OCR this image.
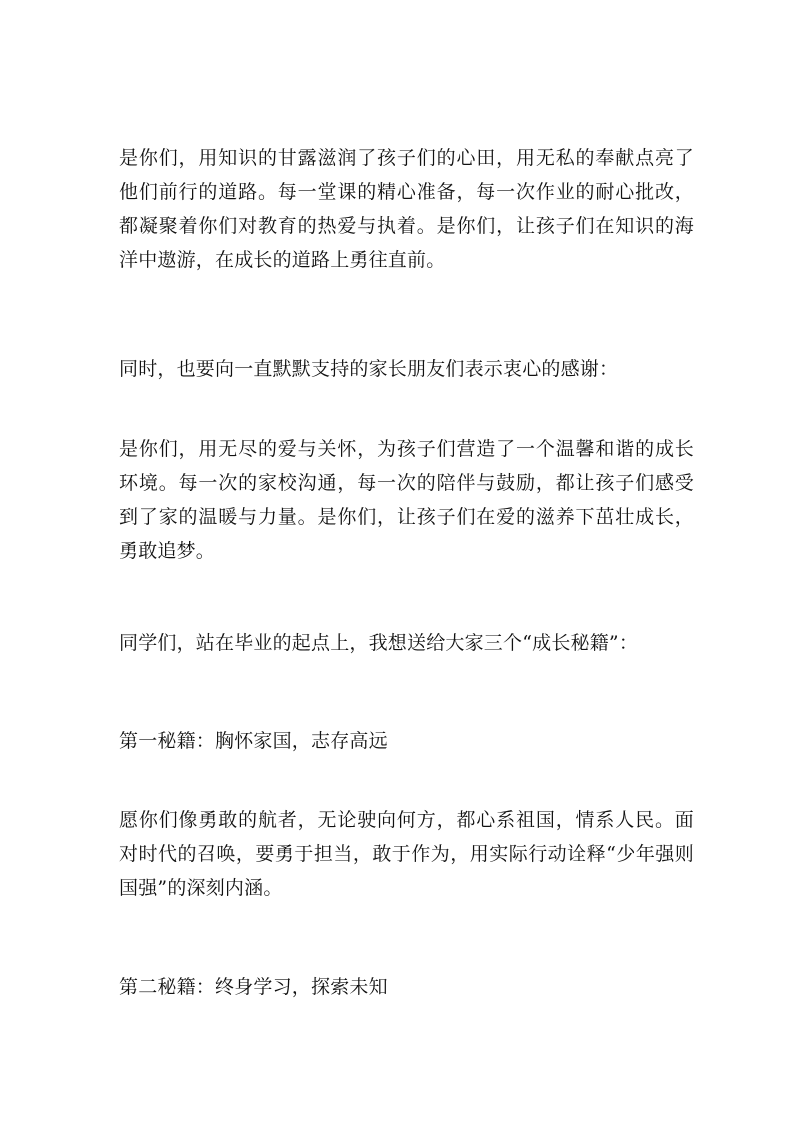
是你们，用知识的甘露滋润了孩子们的心田，用无私的奉献点亮了他们前行的道路。每一堂课的精心准备，每一次作业的耐心批改，都凝聚着你们对教育的热爱与执着。是你们，让孩子们在知识的海洋中遨游，在成长的道路上勇往直前。

同时，也要向一直默默支持的家长朋友们表示衷心的感谢：

是你们，用无尽的爱与关怀，为孩子们营造了一个温馨和谐的成长环境。每一次的家校沟通，每一次的陪伴与鼓励，都让孩子们感受到了家的温暖与力量。是你们，让孩子们在爱的滋养下茁壮成长，勇敢追梦。

同学们，站在毕业的起点上，我想送给大家三个“成长秘籍”：

第一秘籍：胸怀家国，志存高远

愿你们像勇敢的航者，无论驶向何方，都心系祖国，情系人民。面对时代的召唤，要勇于担当，敢于作为，用实际行动诠释“少年强则国强”的深刻内涵。

第二秘籍：终身学习，探索未知
